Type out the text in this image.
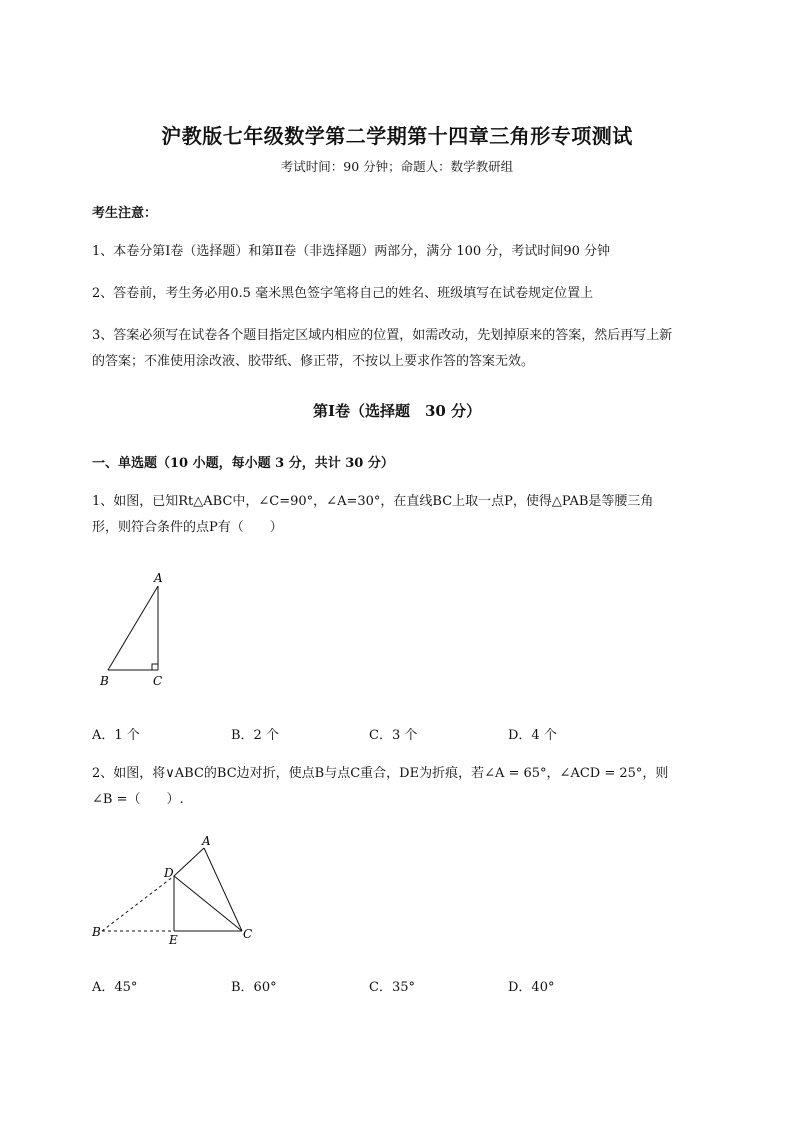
沪教版七年级数学第二学期第十四章三角形专项测试
考试时间：90 分钟；命题人：数学教研组
考生注意：
1、本卷分第Ⅰ卷（选择题）和第Ⅱ卷（非选择题）两部分，满分 100 分，考试时间90 分钟
2、答卷前，考生务必用0.5 毫米黑色签字笔将自己的姓名、班级填写在试卷规定位置上
3、答案必须写在试卷各个题目指定区域内相应的位置，如需改动，先划掉原来的答案，然后再写上新
的答案；不准使用涂改液、胶带纸、修正带，不按以上要求作答的答案无效。
第Ⅰ卷（选择题　30 分）
一、单选题（10 小题，每小题 3 分，共计 30 分）
1、如图，已知Rt△ABC中，∠C=90°，∠A=30°，在直线BC上取一点P，使得△PAB是等腰三角
形，则符合条件的点P有（　　）
A
B	C
A．1 个	B．2 个	C．3 个	D．4 个
2、如图，将∨ABC的BC边对折，使点B与点C重合，DE为折痕，若∠A = 65°，∠ACD = 25°，则
∠B =（　　）.
A
B	C
D
E
A．45°	B．60°	C．35°	D．40°
